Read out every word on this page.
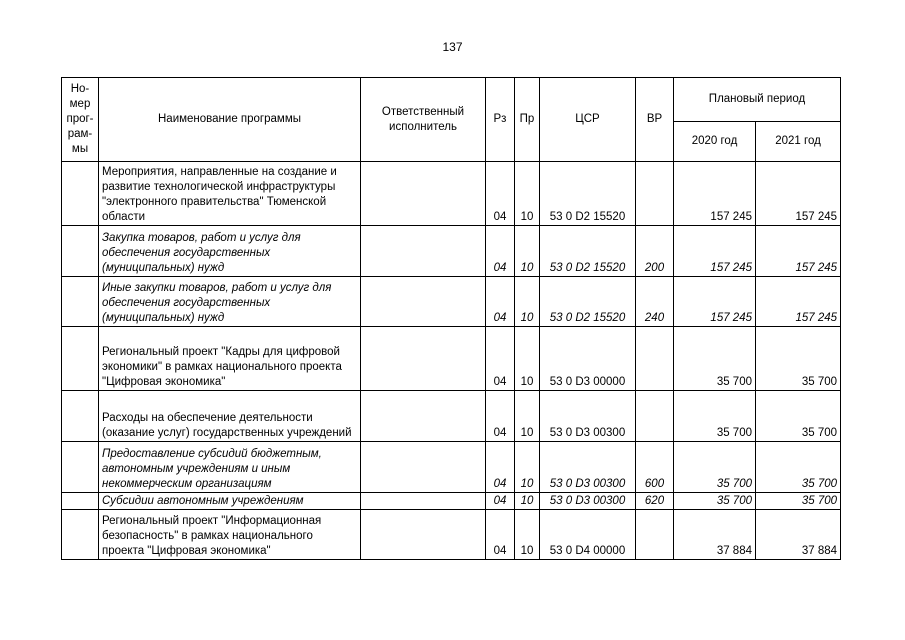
137
Но-мер прог-рам-мы	Наименование программы	Ответственный исполнитель	Рз	Пр	ЦСР	ВР	Плановый период	
							2020 год	2021 год
	Мероприятия, направленные на создание и развитие технологической инфраструктуры "электронного правительства" Тюменской области		04	10	53 0 D2 15520		157 245	157 245
	Закупка товаров, работ и услуг для обеспечения государственных (муниципальных) нужд		04	10	53 0 D2 15520	200	157 245	157 245
	Иные закупки товаров, работ и услуг для обеспечения государственных (муниципальных) нужд		04	10	53 0 D2 15520	240	157 245	157 245
	Региональный проект "Кадры для цифровой экономики" в рамках национального проекта "Цифровая экономика"		04	10	53 0 D3 00000		35 700	35 700
	Расходы на обеспечение деятельности (оказание услуг) государственных учреждений		04	10	53 0 D3 00300		35 700	35 700
	Предоставление субсидий бюджетным, автономным учреждениям и иным некоммерческим организациям		04	10	53 0 D3 00300	600	35 700	35 700
	Субсидии автономным учреждениям		04	10	53 0 D3 00300	620	35 700	35 700
	Региональный проект "Информационная безопасность" в рамках национального проекта "Цифровая экономика"		04	10	53 0 D4 00000		37 884	37 884
